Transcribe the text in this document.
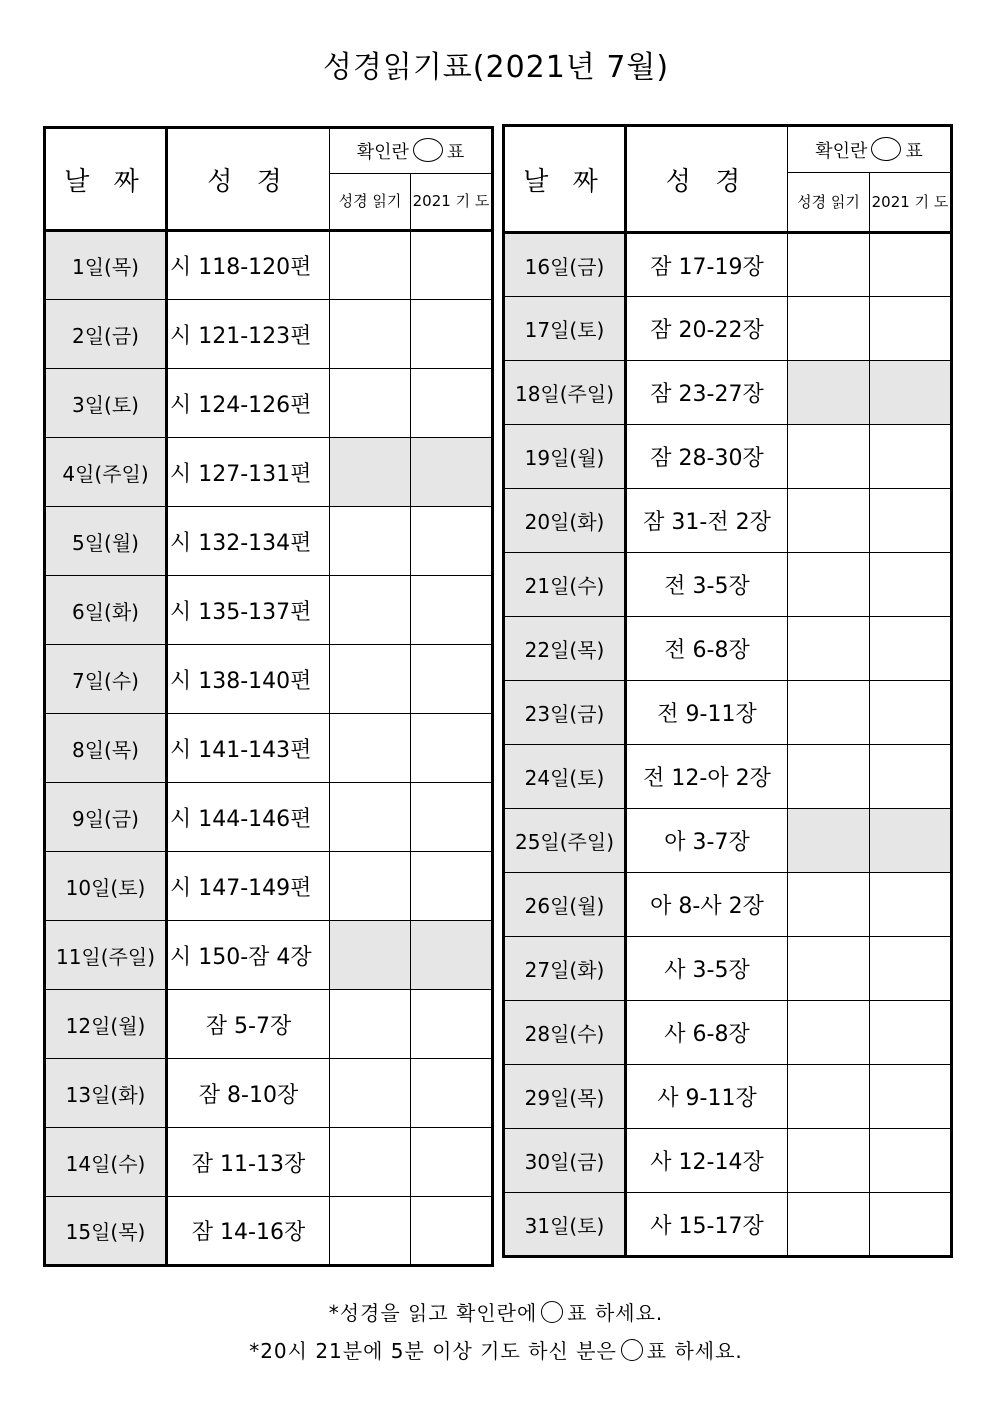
성경읽기표(2021년 7월)
날 짜	성 경	확인란 ○ 표	
		성경 읽기	2021 기 도
1일(목)	시 118-120편		
2일(금)	시 121-123편		
3일(토)	시 124-126편		
4일(주일)	시 127-131편		
5일(월)	시 132-134편		
6일(화)	시 135-137편		
7일(수)	시 138-140편		
8일(목)	시 141-143편		
9일(금)	시 144-146편		
10일(토)	시 147-149편		
11일(주일)	시 150-잠 4장		
12일(월)	잠 5-7장		
13일(화)	잠 8-10장		
14일(수)	잠 11-13장		
15일(목)	잠 14-16장		
날 짜	성 경	확인란 ○ 표	
		성경 읽기	2021 기 도
16일(금)	잠 17-19장		
17일(토)	잠 20-22장		
18일(주일)	잠 23-27장		
19일(월)	잠 28-30장		
20일(화)	잠 31-전 2장		
21일(수)	전 3-5장		
22일(목)	전 6-8장		
23일(금)	전 9-11장		
24일(토)	전 12-아 2장		
25일(주일)	아 3-7장		
26일(월)	아 8-사 2장		
27일(화)	사 3-5장		
28일(수)	사 6-8장		
29일(목)	사 9-11장		
30일(금)	사 12-14장		
31일(토)	사 15-17장		
*성경을 읽고 확인란에 ○ 표 하세요.
*20시 21분에 5분 이상 기도 하신 분은 ○ 표 하세요.
